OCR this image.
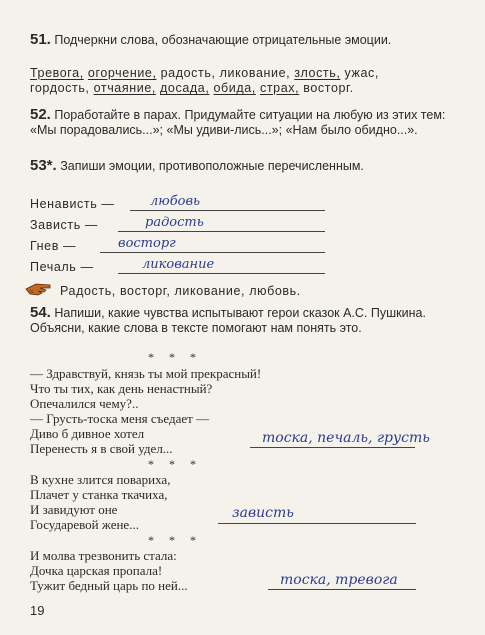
51. Подчеркни слова, обозначающие отрицательные эмоции.
Тревога, огорчение, радость, ликование, злость, ужас,
гордость, отчаяние, досада, обида, страх, восторг.
52. Поработайте в парах. Придумайте ситуации на любую из этих тем: «Мы порадовались...»; «Мы удиви-лись...»; «Нам было обидно...».
53*. Запиши эмоции, противоположные перечисленным.
Ненависть —	любовь
Зависть —	радость
Гнев —	восторг
Печаль —	ликование
Радость, восторг, ликование, любовь.
54. Напиши, какие чувства испытывают герои сказок А.С. Пушкина. Объясни, какие слова в тексте помогают нам понять это.
* * *
— Здравствуй, князь ты мой прекрасный!
Что ты тих, как день ненастный?
Опечалился чему?..
— Грусть-тоска меня съедает —
Диво б дивное хотел
Перенесть я в свой удел...
тоска, печаль, грусть
* * *
В кухне злится повариха,
Плачет у станка ткачиха,
И завидуют оне
Государевой жене...
зависть
* * *
И молва трезвонить стала:
Дочка царская пропала!
Тужит бедный царь по ней...	тоска, тревога
19
